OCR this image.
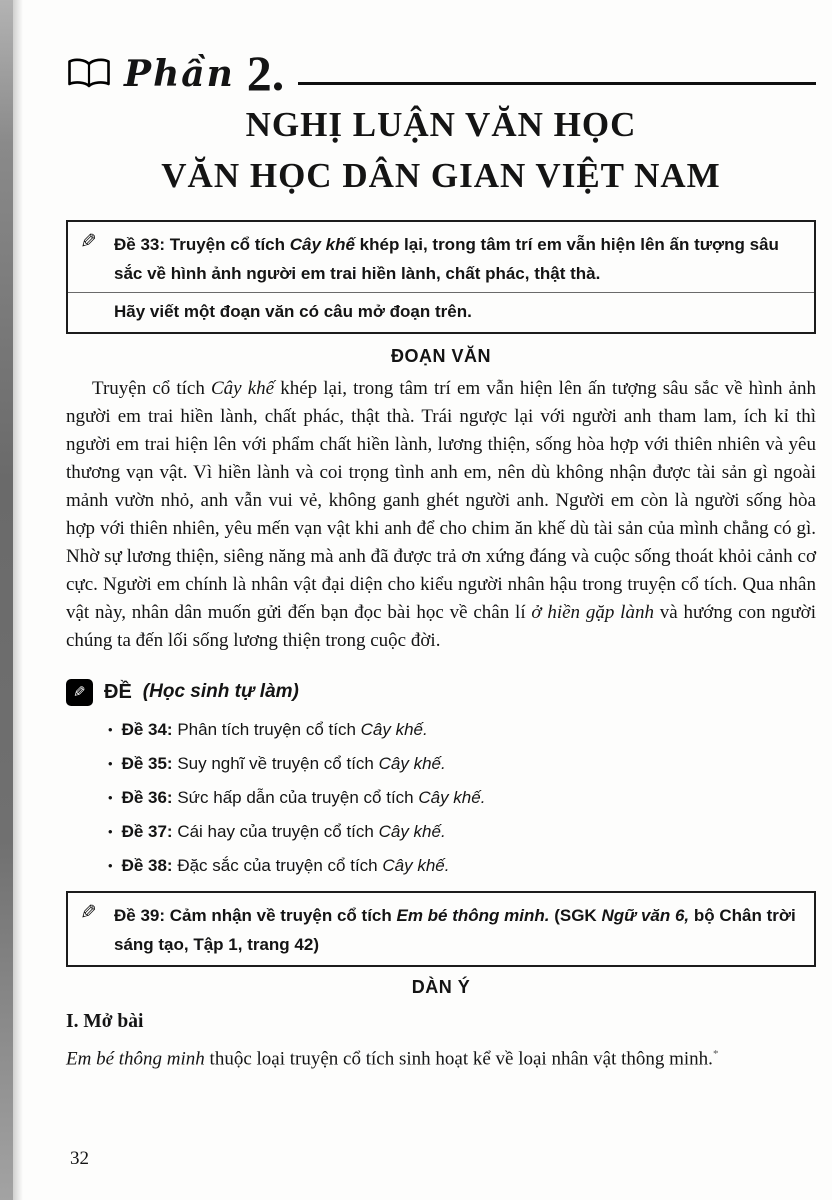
Phần 2.
NGHỊ LUẬN VĂN HỌC
VĂN HỌC DÂN GIAN VIỆT NAM
✎ Đề 33: Truyện cổ tích Cây khế khép lại, trong tâm trí em vẫn hiện lên ấn tượng sâu sắc về hình ảnh người em trai hiền lành, chất phác, thật thà.
Hãy viết một đoạn văn có câu mở đoạn trên.
ĐOẠN VĂN

Truyện cổ tích Cây khế khép lại, trong tâm trí em vẫn hiện lên ấn tượng sâu sắc về hình ảnh người em trai hiền lành, chất phác, thật thà. Trái ngược lại với người anh tham lam, ích kỉ thì người em trai hiện lên với phẩm chất hiền lành, lương thiện, sống hòa hợp với thiên nhiên và yêu thương vạn vật. Vì hiền lành và coi trọng tình anh em, nên dù không nhận được tài sản gì ngoài mảnh vườn nhỏ, anh vẫn vui vẻ, không ganh ghét người anh. Người em còn là người sống hòa hợp với thiên nhiên, yêu mến vạn vật khi anh để cho chim ăn khế dù tài sản của mình chẳng có gì. Nhờ sự lương thiện, siêng năng mà anh đã được trả ơn xứng đáng và cuộc sống thoát khỏi cảnh cơ cực. Người em chính là nhân vật đại diện cho kiểu người nhân hậu trong truyện cổ tích. Qua nhân vật này, nhân dân muốn gửi đến bạn đọc bài học về chân lí ở hiền gặp lành và hướng con người chúng ta đến lối sống lương thiện trong cuộc đời.

✎ ĐỀ (Học sinh tự làm)
• Đề 34: Phân tích truyện cổ tích Cây khế.
• Đề 35: Suy nghĩ về truyện cổ tích Cây khế.
• Đề 36: Sức hấp dẫn của truyện cổ tích Cây khế.
• Đề 37: Cái hay của truyện cổ tích Cây khế.
• Đề 38: Đặc sắc của truyện cổ tích Cây khế.
✎ Đề 39: Cảm nhận về truyện cổ tích Em bé thông minh. (SGK Ngữ văn 6, bộ Chân trời sáng tạo, Tập 1, trang 42)
DÀN Ý
I. Mở bài

Em bé thông minh thuộc loại truyện cổ tích sinh hoạt kể về loại nhân vật thông minh.*

32
